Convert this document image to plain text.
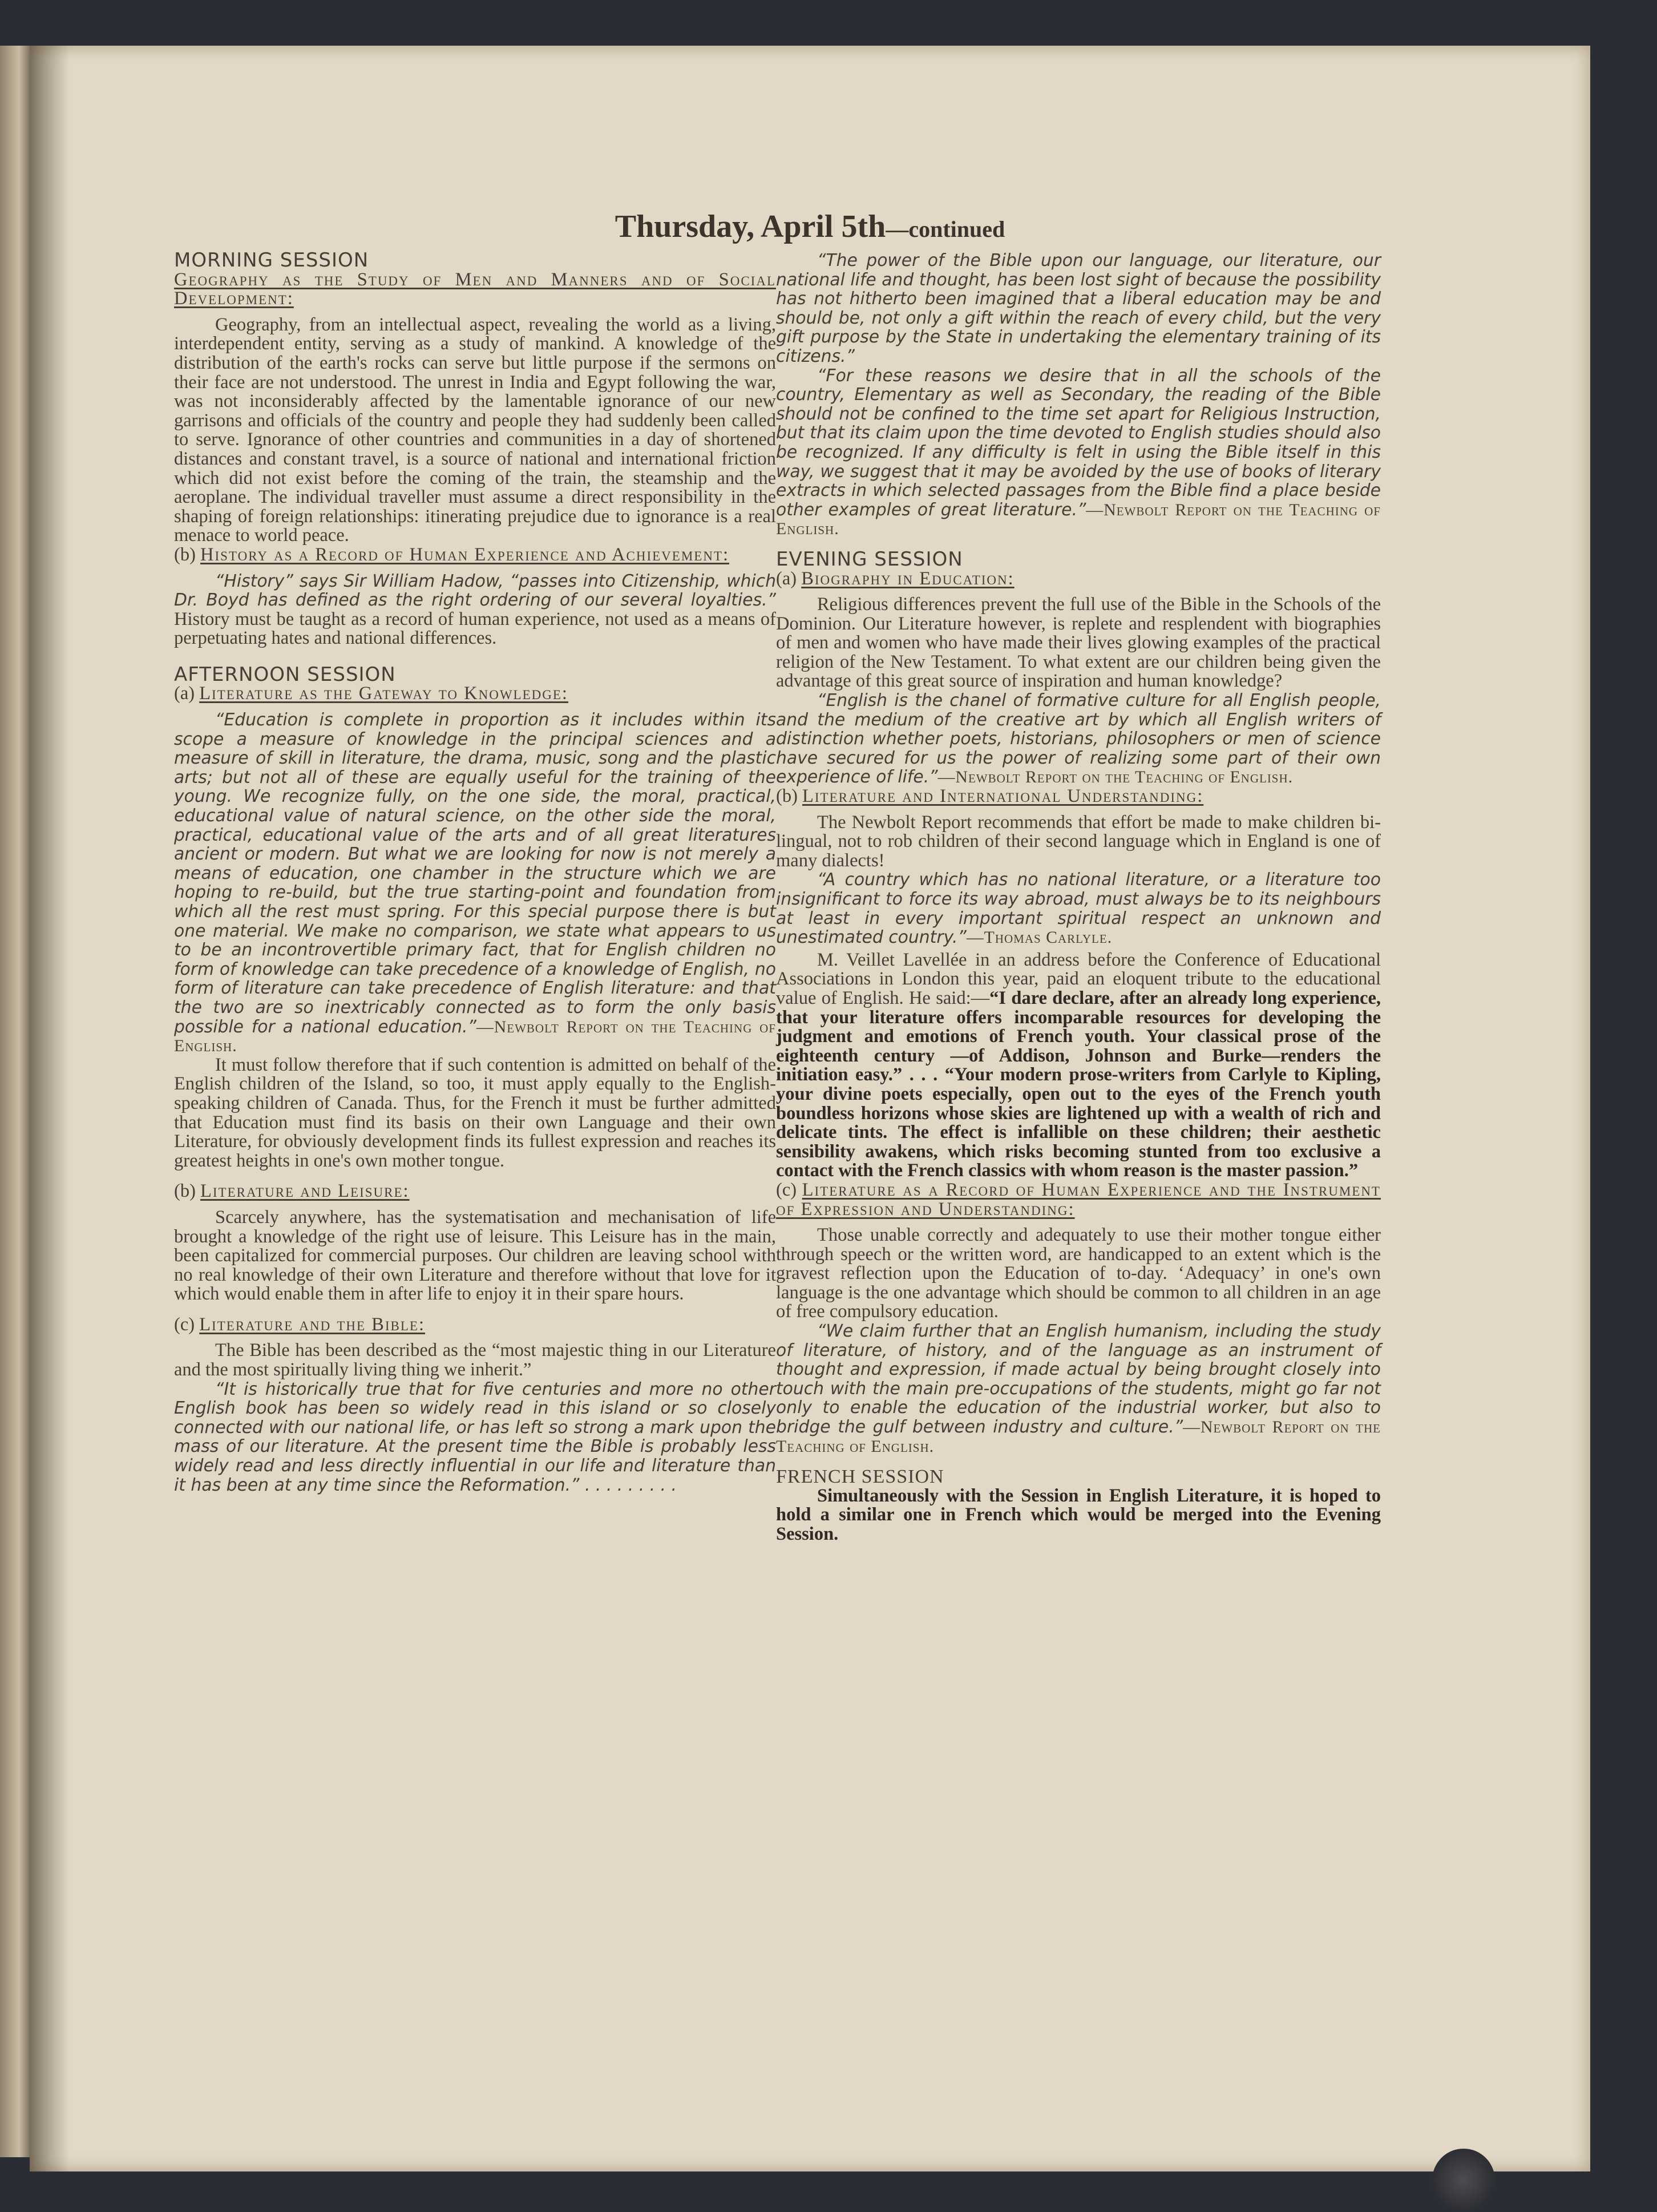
Thursday, April 5th—continued

MORNING SESSION

Geography as the Study of Men and Manners and of Social Development:

Geography, from an intellectual aspect, revealing the world as a living, interdependent entity, serving as a study of mankind. A knowledge of the distribution of the earth's rocks can serve but little purpose if the sermons on their face are not understood. The unrest in India and Egypt following the war, was not inconsiderably affected by the lamentable ignorance of our new garrisons and officials of the country and people they had suddenly been called to serve. Ignorance of other countries and communities in a day of shortened distances and constant travel, is a source of national and international friction which did not exist before the coming of the train, the steamship and the aeroplane. The individual traveller must assume a direct responsibility in the shaping of foreign relationships: itinerating prejudice due to ignorance is a real menace to world peace.

(b) History as a Record of Human Experience and Achievement:

“History” says Sir William Hadow, “passes into Citizenship, which Dr. Boyd has defined as the right ordering of our several loyalties.” History must be taught as a record of human experience, not used as a means of perpetuating hates and national differences.

AFTERNOON SESSION

(a) Literature as the Gateway to Knowledge:

“Education is complete in proportion as it includes within its scope a measure of knowledge in the principal sciences and a measure of skill in literature, the drama, music, song and the plastic arts; but not all of these are equally useful for the training of the young. We recognize fully, on the one side, the moral, practical, educational value of natural science, on the other side the moral, practical, educational value of the arts and of all great literatures ancient or modern. But what we are looking for now is not merely a means of education, one chamber in the structure which we are hoping to re-build, but the true starting-point and foundation from which all the rest must spring. For this special purpose there is but one material. We make no comparison, we state what appears to us to be an incontrovertible primary fact, that for English children no form of knowledge can take precedence of a knowledge of English, no form of literature can take precedence of English literature: and that the two are so inextricably connected as to form the only basis possible for a national education.”—Newbolt Report on the Teaching of English.

It must follow therefore that if such contention is admitted on behalf of the English children of the Island, so too, it must apply equally to the English-speaking children of Canada. Thus, for the French it must be further admitted that Education must find its basis on their own Language and their own Literature, for obviously development finds its fullest expression and reaches its greatest heights in one's own mother tongue.

(b) Literature and Leisure:

Scarcely anywhere, has the systematisation and mechanisation of life brought a knowledge of the right use of leisure. This Leisure has in the main, been capitalized for commercial purposes. Our children are leaving school with no real knowledge of their own Literature and therefore without that love for it which would enable them in after life to enjoy it in their spare hours.

(c) Literature and the Bible:

The Bible has been described as the “most majestic thing in our Literature and the most spiritually living thing we inherit.”

“It is historically true that for five centuries and more no other English book has been so widely read in this island or so closely connected with our national life, or has left so strong a mark upon the mass of our literature. At the present time the Bible is probably less widely read and less directly influential in our life and literature than it has been at any time since the Reformation.” . . . . . . . . .

“The power of the Bible upon our language, our literature, our national life and thought, has been lost sight of because the possibility has not hitherto been imagined that a liberal education may be and should be, not only a gift within the reach of every child, but the very gift purpose by the State in undertaking the elementary training of its citizens.”

“For these reasons we desire that in all the schools of the country, Elementary as well as Secondary, the reading of the Bible should not be confined to the time set apart for Religious Instruction, but that its claim upon the time devoted to English studies should also be recognized. If any difficulty is felt in using the Bible itself in this way, we suggest that it may be avoided by the use of books of literary extracts in which selected passages from the Bible find a place beside other examples of great literature.”—Newbolt Report on the Teaching of English.

EVENING SESSION

(a) Biography in Education:

Religious differences prevent the full use of the Bible in the Schools of the Dominion. Our Literature however, is replete and resplendent with biographies of men and women who have made their lives glowing examples of the practical religion of the New Testament. To what extent are our children being given the advantage of this great source of inspiration and human knowledge?

“English is the chanel of formative culture for all English people, and the medium of the creative art by which all English writers of distinction whether poets, historians, philosophers or men of science have secured for us the power of realizing some part of their own experience of life.”—Newbolt Report on the Teaching of English.

(b) Literature and International Understanding:

The Newbolt Report recommends that effort be made to make children bi-lingual, not to rob children of their second language which in England is one of many dialects!

“A country which has no national literature, or a literature too insignificant to force its way abroad, must always be to its neighbours at least in every important spiritual respect an unknown and unestimated country.”—Thomas Carlyle.

M. Veillet Lavellée in an address before the Conference of Educational Associations in London this year, paid an eloquent tribute to the educational value of English. He said:—“I dare declare, after an already long experience, that your literature offers incomparable resources for developing the judgment and emotions of French youth. Your classical prose of the eighteenth century —of Addison, Johnson and Burke—renders the initiation easy.” . . . “Your modern prose-writers from Carlyle to Kipling, your divine poets especially, open out to the eyes of the French youth boundless horizons whose skies are lightened up with a wealth of rich and delicate tints. The effect is infallible on these children; their aesthetic sensibility awakens, which risks becoming stunted from too exclusive a contact with the French classics with whom reason is the master passion.”

(c) Literature as a Record of Human Experience and the Instrument of Expression and Understanding:

Those unable correctly and adequately to use their mother tongue either through speech or the written word, are handicapped to an extent which is the gravest reflection upon the Education of to-day. ‘Adequacy’ in one's own language is the one advantage which should be common to all children in an age of free compulsory education.

“We claim further that an English humanism, including the study of literature, of history, and of the language as an instrument of thought and expression, if made actual by being brought closely into touch with the main pre-occupations of the students, might go far not only to enable the education of the industrial worker, but also to bridge the gulf between industry and culture.”—Newbolt Report on the Teaching of English.

FRENCH SESSION

Simultaneously with the Session in English Literature, it is hoped to hold a similar one in French which would be merged into the Evening Session.
